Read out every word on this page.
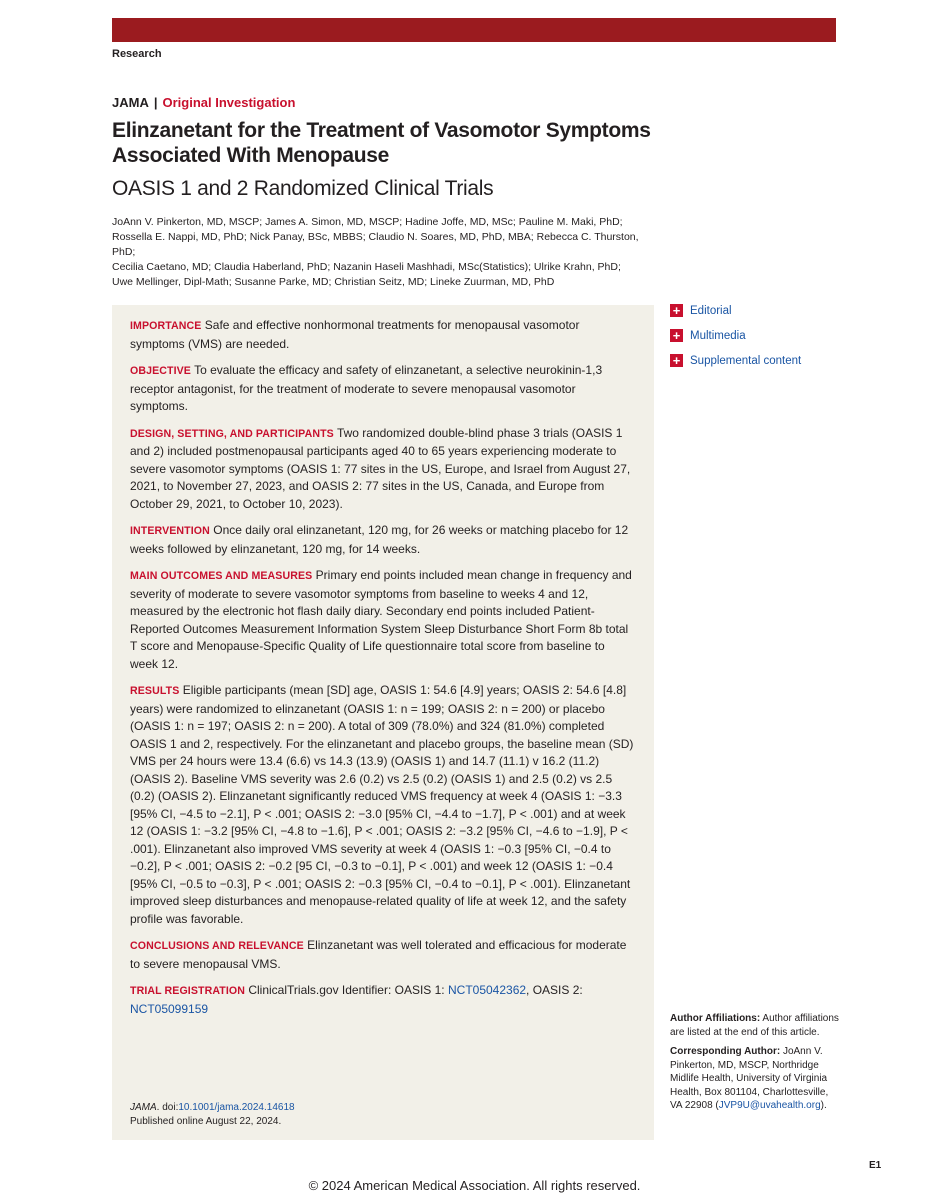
Research
JAMA | Original Investigation
Elinzanetant for the Treatment of Vasomotor Symptoms
Associated With Menopause
OASIS 1 and 2 Randomized Clinical Trials
JoAnn V. Pinkerton, MD, MSCP; James A. Simon, MD, MSCP; Hadine Joffe, MD, MSc; Pauline M. Maki, PhD;
Rossella E. Nappi, MD, PhD; Nick Panay, BSc, MBBS; Claudio N. Soares, MD, PhD, MBA; Rebecca C. Thurston, PhD;
Cecilia Caetano, MD; Claudia Haberland, PhD; Nazanin Haseli Mashhadi, MSc(Statistics); Ulrike Krahn, PhD;
Uwe Mellinger, Dipl-Math; Susanne Parke, MD; Christian Seitz, MD; Lineke Zuurman, MD, PhD
+ Editorial
+ Multimedia
+ Supplemental content

IMPORTANCE Safe and effective nonhormonal treatments for menopausal vasomotor symptoms (VMS) are needed.

OBJECTIVE To evaluate the efficacy and safety of elinzanetant, a selective neurokinin-1,3 receptor antagonist, for the treatment of moderate to severe menopausal vasomotor symptoms.

DESIGN, SETTING, AND PARTICIPANTS Two randomized double-blind phase 3 trials (OASIS 1 and 2) included postmenopausal participants aged 40 to 65 years experiencing moderate to severe vasomotor symptoms (OASIS 1: 77 sites in the US, Europe, and Israel from August 27, 2021, to November 27, 2023, and OASIS 2: 77 sites in the US, Canada, and Europe from October 29, 2021, to October 10, 2023).

INTERVENTION Once daily oral elinzanetant, 120 mg, for 26 weeks or matching placebo for 12 weeks followed by elinzanetant, 120 mg, for 14 weeks.

MAIN OUTCOMES AND MEASURES Primary end points included mean change in frequency and severity of moderate to severe vasomotor symptoms from baseline to weeks 4 and 12, measured by the electronic hot flash daily diary. Secondary end points included Patient-Reported Outcomes Measurement Information System Sleep Disturbance Short Form 8b total T score and Menopause-Specific Quality of Life questionnaire total score from baseline to week 12.

RESULTS Eligible participants (mean [SD] age, OASIS 1: 54.6 [4.9] years; OASIS 2: 54.6 [4.8] years) were randomized to elinzanetant (OASIS 1: n = 199; OASIS 2: n = 200) or placebo (OASIS 1: n = 197; OASIS 2: n = 200). A total of 309 (78.0%) and 324 (81.0%) completed OASIS 1 and 2, respectively. For the elinzanetant and placebo groups, the baseline mean (SD) VMS per 24 hours were 13.4 (6.6) vs 14.3 (13.9) (OASIS 1) and 14.7 (11.1) v 16.2 (11.2) (OASIS 2). Baseline VMS severity was 2.6 (0.2) vs 2.5 (0.2) (OASIS 1) and 2.5 (0.2) vs 2.5 (0.2) (OASIS 2). Elinzanetant significantly reduced VMS frequency at week 4 (OASIS 1: −3.3 [95% CI, −4.5 to −2.1], P < .001; OASIS 2: −3.0 [95% CI, −4.4 to −1.7], P < .001) and at week 12 (OASIS 1: −3.2 [95% CI, −4.8 to −1.6], P < .001; OASIS 2: −3.2 [95% CI, −4.6 to −1.9], P < .001). Elinzanetant also improved VMS severity at week 4 (OASIS 1: −0.3 [95% CI, −0.4 to −0.2], P < .001; OASIS 2: −0.2 [95 CI, −0.3 to −0.1], P < .001) and week 12 (OASIS 1: −0.4 [95% CI, −0.5 to −0.3], P < .001; OASIS 2: −0.3 [95% CI, −0.4 to −0.1], P < .001). Elinzanetant improved sleep disturbances and menopause-related quality of life at week 12, and the safety profile was favorable.

CONCLUSIONS AND RELEVANCE Elinzanetant was well tolerated and efficacious for moderate to severe menopausal VMS.

TRIAL REGISTRATION ClinicalTrials.gov Identifier: OASIS 1: NCT05042362, OASIS 2: NCT05099159

JAMA. doi:10.1001/jama.2024.14618
Published online August 22, 2024.

Author Affiliations: Author affiliations are listed at the end of this article.

Corresponding Author: JoAnn V. Pinkerton, MD, MSCP, Northridge Midlife Health, University of Virginia Health, Box 801104, Charlottesville, VA 22908 (JVP9U@uvahealth.org).

E1
© 2024 American Medical Association. All rights reserved.
